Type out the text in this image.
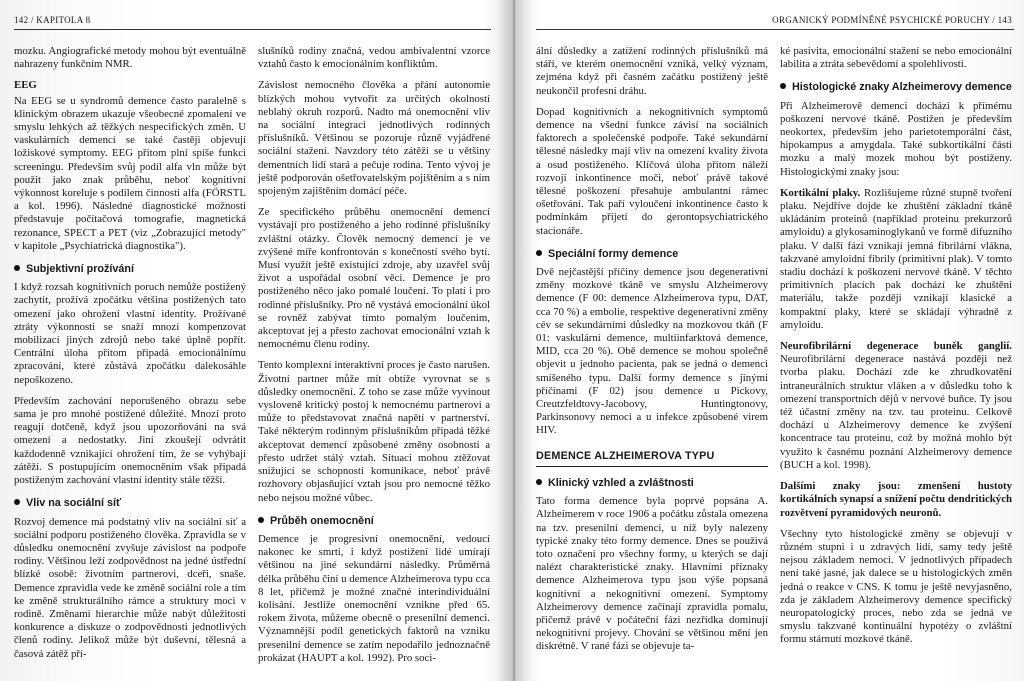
142 / KAPITOLA 8	ORGANICKÝ PODMÍNĚNÉ PSYCHICKÉ PORUCHY / 143

mozku. Angiografické metody mohou být eventuálně nahrazeny funkčním NMR.

EEG

Na EEG se u syndromů demence často paralelně s klinickým obrazem ukazuje všeobecné zpomalení ve smyslu lehkých až těžkých nespecifických změn. U vaskulárních demencí se také častěji objevují ložiskové symptomy. EEG přitom plní spíše funkci screeningu. Především svůj podíl alfa vln může být použit jako znak průběhu, neboť kognitivní výkonnost koreluje s podílem činnosti alfa (FÖRSTL a kol. 1996). Následné diagnostické možnosti představuje počítačová tomografie, magnetická rezonance, SPECT a PET (viz „Zobrazující metody" v kapitole „Psychiatrická diagnostika").

Subjektivní prožívání

I když rozsah kognitivních poruch nemůže postižený zachytit, prožívá zpočátku většina postižených tato omezení jako ohrožení vlastní identity. Prožívané ztráty výkonnosti se snaží mnozí kompenzovat mobilizací jiných zdrojů nebo také úplně popřít. Centrální úloha přitom připadá emocionálnímu zpracování, které zůstává zpočátku dalekosáhle nepoškozeno.

Především zachování neporušeného obrazu sebe sama je pro mnohé postižené důležité. Mnozí proto reagují dotčeně, když jsou upozorňováni na svá omezení a nedostatky. Jiní zkoušejí odvrátit každodenně vznikající ohrožení tím, že se vyhýbají zátěží. S postupujícím onemocněním však připadá postiženým zachování vlastní identity stále těžší.

Vliv na sociální síť

Rozvoj demence má podstatný vliv na sociální síť a sociální podporu postiženého člověka. Zpravidla se v důsledku onemocnění zvyšuje závislost na podpoře rodiny. Většinou leží zodpovědnost na jedné ústřední blízké osobě: životním partnerovi, dceři, snaše. Demence zpravidla vede ke změně sociální role a tím ke změně strukturálního rámce a struktury moci v rodině. Změnami hierarchie může nabýt důležitosti konkurence a diskuze o zodpovědnosti jednotlivých členů rodiny. Jelikož může být duševní, tělesná a časová zátěž pří-

slušníků rodiny značná, vedou ambivalentní vzorce vztahů často k emocionálním konfliktům.

Závislost nemocného člověka a přání autonomie blízkých mohou vytvořit za určitých okolností neblahý okruh rozporů. Nadto má onemocnění vliv na sociální integraci jednotlivých rodinných příslušníků. Většinou se pozoruje různě vyjádřené sociální stažení. Navzdory této zátěži se u většiny dementních lidí stará a pečuje rodina. Tento vývoj je ještě podporován ošetřovatelským pojištěním a s ním spojeným zajištěním domácí péče.

Ze specifického průběhu onemocnění demencí vystávají pro postiženého a jeho rodinné příslušníky zvláštní otázky. Člověk nemocný demencí je ve zvýšené míře konfrontován s konečností svého bytí. Musí využít ještě existující zdroje, aby uzavřel svůj život a uspořádal osobní věci. Demence je pro postiženého něco jako pomalé loučení. To platí i pro rodinné příslušníky. Pro ně vystává emocionální úkol se rovněž zabývat tímto pomalým loučením, akceptovat jej a přesto zachovat emocionální vztah k nemocnému členu rodiny.

Tento komplexní interaktivní proces je často narušen. Životní partner může mít obtíže vyrovnat se s důsledky onemocnění. Z toho se zase může vyvinout vysloveně kritický postoj k nemocnému partnerovi a může to představovat značná napětí v partnerství. Také některým rodinným příslušníkům připadá těžké akceptovat demencí způsobené změny osobnosti a přesto udržet stálý vztah. Situaci mohou ztěžovat snižující se schopnosti komunikace, neboť právě rozhovory objasňující vztah jsou pro nemocné těžko nebo nejsou možné vůbec.

Průběh onemocnění

Demence je progresivní onemocnění, vedoucí nakonec ke smrti, i když postižení lidé umírají většinou na jiné sekundární následky. Průměrná délka průběhu činí u demence Alzheimerova typu cca 8 let, přičemž je možné značné interindividuální kolísání. Jestliže onemocnění vznikne před 65. rokem života, můžeme obecně o presenilní demenci. Významnější podíl genetických faktorů na vzniku presenilní demence se zatím nepodařilo jednoznačně prokázat (HAUPT a kol. 1992). Pro soci-

ální důsledky a zatížení rodinných příslušníků má stáří, ve kterém onemocnění vzniká, velký význam, zejména když při časném začátku postižený ještě neukončil profesní dráhu.

Dopad kognitivních a nekognitivních symptomů demence na všední funkce závisí na sociálních faktorech a společenské podpoře. Také sekundární tělesné následky mají vliv na omezení kvality života a osud postiženého. Klíčová úloha přitom náleží rozvoji inkontinence moči, neboť právě takové tělesné poškození přesahuje ambulantní rámec ošetřování. Tak paří vyloučení inkontinence často k podmínkám přijetí do gerontopsychiatrického stacionáře.

Speciální formy demence

Dvě nejčastější příčiny demence jsou degenerativní změny mozkové tkáně ve smyslu Alzheimerovy demence (F 00: demence Alzheimerova typu, DAT, cca 70 %) a embolie, respektive degenerativní změny cév se sekundárními důsledky na mozkovou tkáň (F 01: vaskulární demence, multiinfarktová demence, MID, cca 20 %). Obě demence se mohou společně objevit u jednoho pacienta, pak se jedná o demenci smíšeného typu. Další formy demence s jinými příčinami (F 02) jsou demence u Pickovy, Creutzfeldtovy-Jacobovy, Huntingtonovy, Parkinsonovy nemoci a u infekce způsobené virem HIV.

DEMENCE ALZHEIMEROVA TYPU
Klinický vzhled a zvláštnosti

Tato forma demence byla poprvé popsána A. Alzheimerem v roce 1906 a počátku zůstala omezena na tzv. presenilní demenci, u níž byly nalezeny typické znaky této formy demence. Dnes se použivá toto označení pro všechny formy, u kterých se dají nalézt charakteristické znaky. Hlavními příznaky demence Alzheimerova typu jsou výše popsaná kognitivní a nekognitivní omezení. Symptomy Alzheimerovy demence začínají zpravidla pomalu, přičemž právě v počáteční fázi nezřídka dominují nekognitivní projevy. Chování se většinou mění jen diskrétně. V rané fázi se objevuje ta-

ké pasivita, emocionální stažení se nebo emocionální labilita a ztráta sebevědomí a spolehlivosti.

Histologické znaky Alzheimerovy demence

Při Alzheimerově demenci dochází k přímému poškození nervové tkáně. Postižen je především neokortex, především jeho parietotemporální část, hipokampus a amygdala. Také subkortikální části mozku a malý mozek mohou být postiženy. Histologickými znaky jsou:

Kortikální plaky. Rozlišujeme různé stupně tvoření plaku. Nejdříve dojde ke zhuštění základní tkáně ukládáním proteinů (například proteinu prekurzorů amyloidu) a glykosaminoglykanů ve formě difuzního plaku. V další fázi vznikají jemná fibrilární vlákna, takzvané amyloidní fibrily (primitivní plak). V tomto stadiu dochází k poškození nervové tkáně. V těchto primitivních placích pak dochází ke zhuštění materiálu, takže později vznikají klasické a kompaktní plaky, které se skládají výhradně z amyloidu.

Neurofibrilární degenerace buněk ganglií. Neurofibrilární degenerace nastává později než tvorba plaku. Dochází zde ke zhrudkovatění intraneurálních struktur vláken a v důsledku toho k omezení transportních dějů v nervové buňce. Ty jsou též účastní změny na tzv. tau proteinu. Celkově dochází u Alzheimerovy demence ke zvýšení koncentrace tau proteinu, což by možná mohlo být využito k časnému poznání Alzheimerovy demence (BUCH a kol. 1998).

Dalšími znaky jsou: zmenšení hustoty kortikálních synapsí a snížení počtu dendritických rozvětvení pyramidových neuronů.

Všechny tyto histologické změny se objevují v různém stupni i u zdravých lidí, samy tedy ještě nejsou základem nemoci. V jednotlivých případech není také jasné, jak dalece se u histologických změn jedná o reakce v CNS. K tomu je ještě nevyjasněno, zda je základem Alzheimerovy demence specifický neuropatologický proces, nebo zda se jedná ve smyslu takzvané kontinuální hypotézy o zvláštní formu stárnutí mozkové tkáně.
